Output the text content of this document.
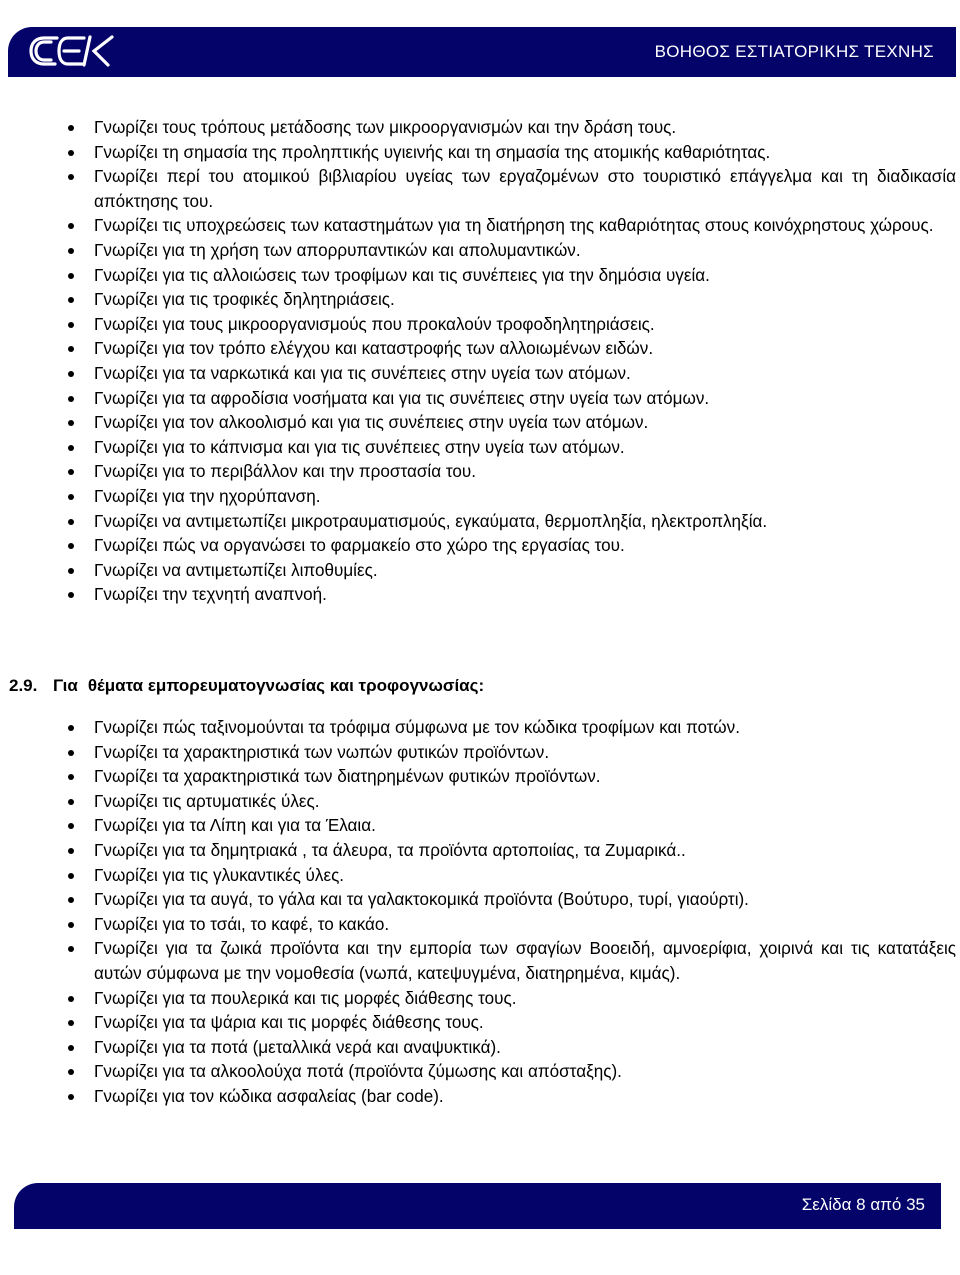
ΒΟΗΘΟΣ ΕΣΤΙΑΤΟΡΙΚΗΣ ΤΕΧΝΗΣ
Γνωρίζει τους τρόπους μετάδοσης των μικροοργανισμών και την δράση τους.
Γνωρίζει τη σημασία της προληπτικής υγιεινής και τη σημασία της ατομικής καθαριότητας.
Γνωρίζει περί του ατομικού βιβλιαρίου υγείας των εργαζομένων στο τουριστικό επάγγελμα και τη διαδικασία απόκτησης του.
Γνωρίζει τις υποχρεώσεις των καταστημάτων για τη διατήρηση της καθαριότητας στους κοινόχρηστους χώρους.
Γνωρίζει για τη χρήση των απορρυπαντικών και απολυμαντικών.
Γνωρίζει για τις αλλοιώσεις των τροφίμων και τις συνέπειες για την δημόσια υγεία.
Γνωρίζει για τις τροφικές δηλητηριάσεις.
Γνωρίζει για τους μικροοργανισμούς που προκαλούν τροφοδηλητηριάσεις.
Γνωρίζει για τον τρόπο ελέγχου και καταστροφής των αλλοιωμένων ειδών.
Γνωρίζει για τα ναρκωτικά και για τις συνέπειες στην υγεία των ατόμων.
Γνωρίζει για τα αφροδίσια νοσήματα και για τις συνέπειες στην υγεία των ατόμων.
Γνωρίζει για τον αλκοολισμό και για τις συνέπειες στην υγεία των ατόμων.
Γνωρίζει για το κάπνισμα και για τις συνέπειες στην υγεία των ατόμων.
Γνωρίζει για το περιβάλλον και την προστασία του.
Γνωρίζει για την ηχορύπανση.
Γνωρίζει να αντιμετωπίζει μικροτραυματισμούς, εγκαύματα, θερμοπληξία, ηλεκτροπληξία.
Γνωρίζει πώς να οργανώσει το φαρμακείο στο χώρο της εργασίας του.
Γνωρίζει να αντιμετωπίζει λιποθυμίες.
Γνωρίζει την τεχνητή αναπνοή.
2.9. Για θέματα εμπορευματογνωσίας και τροφογνωσίας:
Γνωρίζει πώς ταξινομούνται τα τρόφιμα σύμφωνα με τον κώδικα τροφίμων και ποτών.
Γνωρίζει τα χαρακτηριστικά των νωπών φυτικών προϊόντων.
Γνωρίζει τα χαρακτηριστικά των διατηρημένων φυτικών προϊόντων.
Γνωρίζει τις αρτυματικές ύλες.
Γνωρίζει για τα Λίπη και για τα Έλαια.
Γνωρίζει για τα δημητριακά , τα άλευρα, τα προϊόντα αρτοποιίας, τα Ζυμαρικά..
Γνωρίζει για τις γλυκαντικές ύλες.
Γνωρίζει για τα αυγά, το γάλα και τα γαλακτοκομικά προϊόντα (Βούτυρο, τυρί, γιαούρτι).
Γνωρίζει για το τσάι, το καφέ, το κακάο.
Γνωρίζει για τα ζωικά προϊόντα και την εμπορία των σφαγίων Βοοειδή, αμνοερίφια, χοιρινά και τις κατατάξεις αυτών σύμφωνα με την νομοθεσία (νωπά, κατεψυγμένα, διατηρημένα, κιμάς).
Γνωρίζει για τα πουλερικά και τις μορφές διάθεσης τους.
Γνωρίζει για τα ψάρια και τις μορφές διάθεσης τους.
Γνωρίζει για τα ποτά (μεταλλικά νερά και αναψυκτικά).
Γνωρίζει για τα αλκοολούχα ποτά (προϊόντα ζύμωσης και απόσταξης).
Γνωρίζει για τον κώδικα ασφαλείας (bar code).
Σελίδα 8 από 35
